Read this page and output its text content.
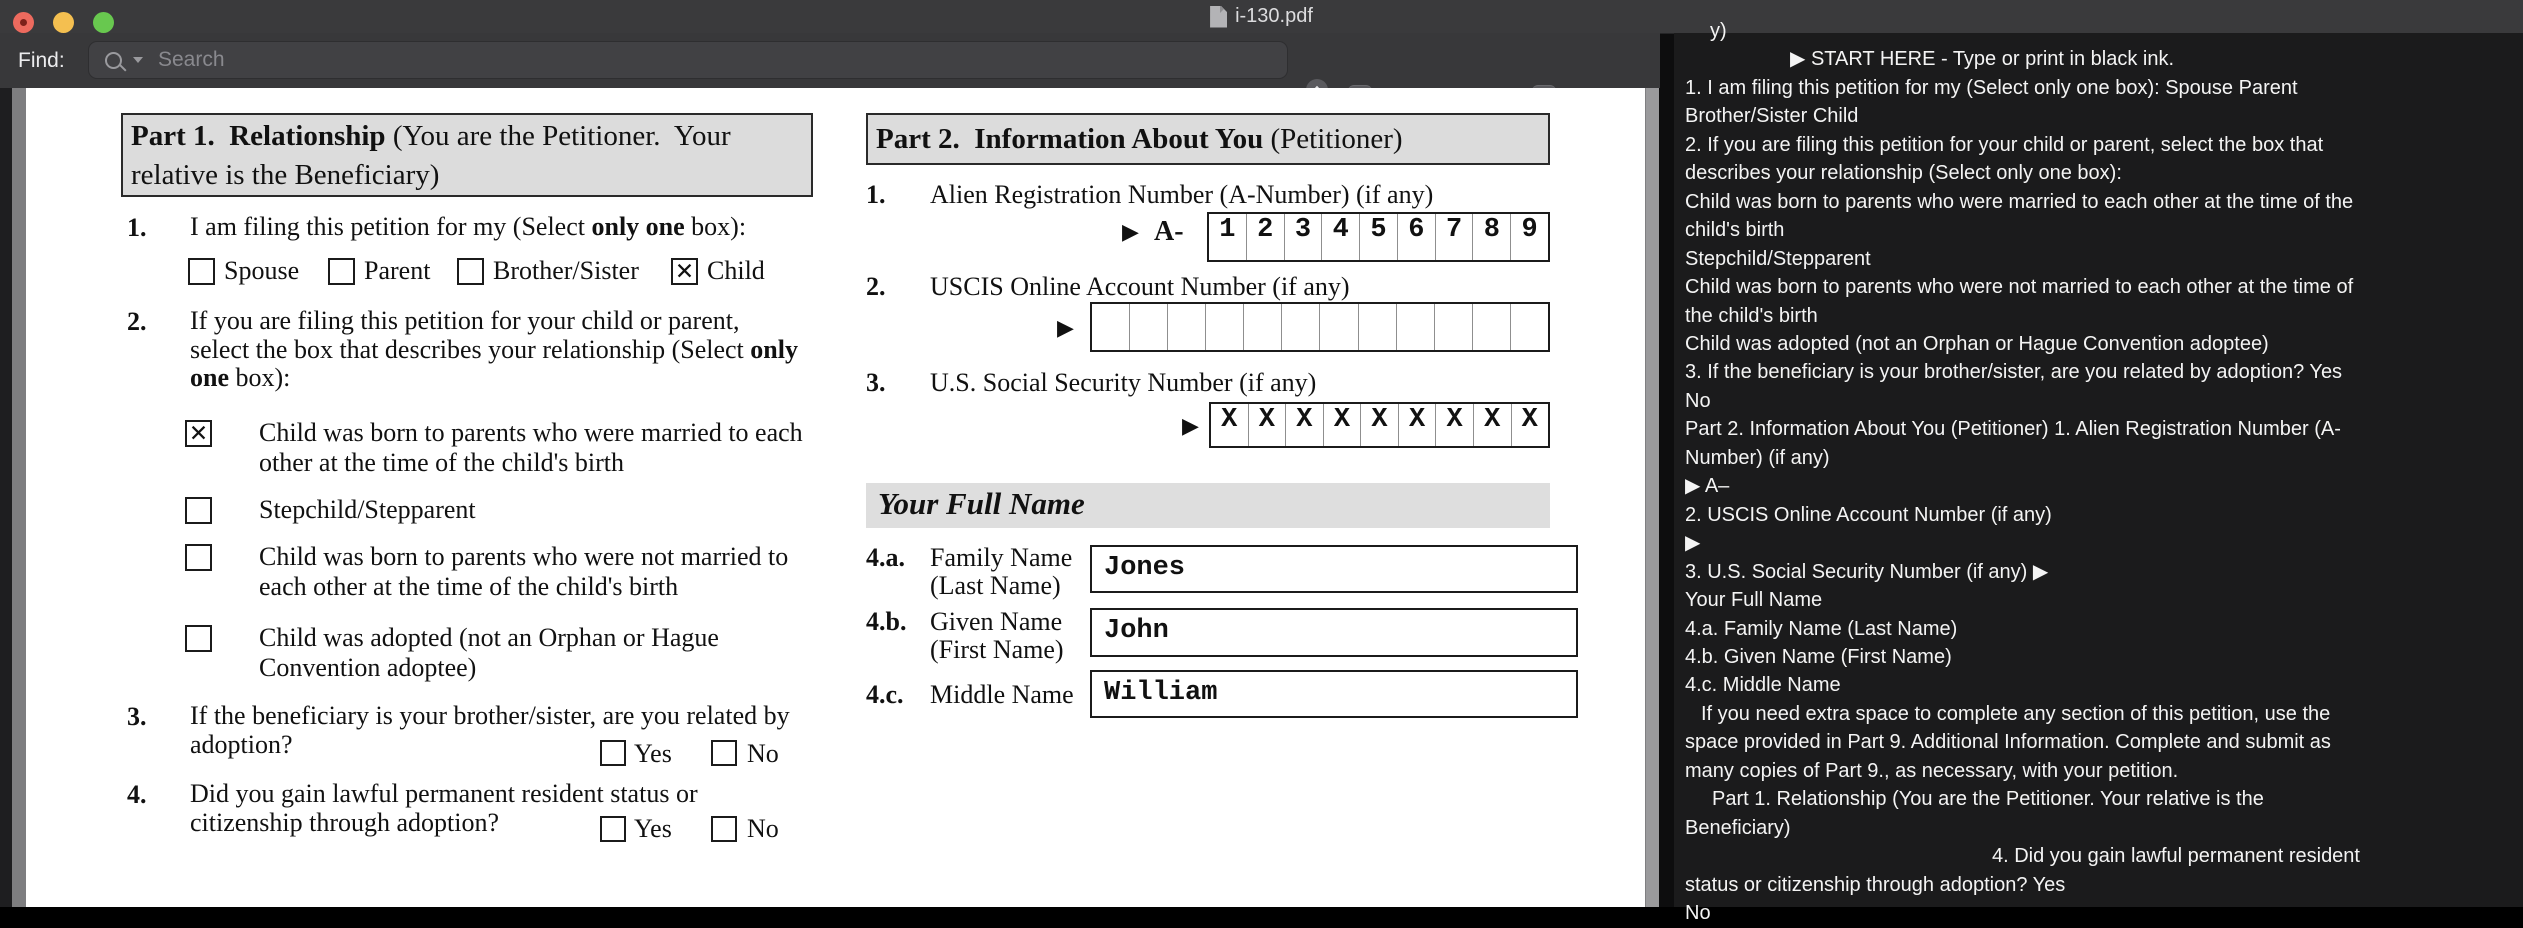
i-130.pdf
Find:
Search
Part 1.  Relationship (You are the Petitioner.  Your
relative is the Beneficiary)
1. I am filing this petition for my (Select only one box):
Spouse Parent Brother/Sister ✕	Child
2. If you are filing this petition for your child or parent,
select the box that describes your relationship (Select only
one box):
✕
Child was born to parents who were married to each
other at the time of the child's birth
Stepchild/Stepparent
Child was born to parents who were not married to
each other at the time of the child's birth
Child was adopted (not an Orphan or Hague
Convention adoptee)
3. If the beneficiary is your brother/sister, are you related by
adoption?	Yes	No
4. Did you gain lawful permanent resident status or
citizenship through adoption?	Yes	No
Part 2.  Information About You (Petitioner)
1. Alien Registration Number (A-Number) (if any)
▶ A-	1 2 3 4 5 6 7 8 9
2. USCIS Online Account Number (if any)
▶
3. U.S. Social Security Number (if any)
▶ X X X X X X X X X
Your Full Name
4.a. Family Name
(Last Name)
Jones
4.b. Given Name
(First Name)
John
4.c. Middle Name	William
y)
▶ START HERE - Type or print in black ink.
1. I am filing this petition for my (Select only one box): Spouse Parent
Brother/Sister Child
2. If you are filing this petition for your child or parent, select the box that
describes your relationship (Select only one box):
Child was born to parents who were married to each other at the time of the
child's birth
Stepchild/Stepparent
Child was born to parents who were not married to each other at the time of
the child's birth
Child was adopted (not an Orphan or Hague Convention adoptee)
3. If the beneficiary is your brother/sister, are you related by adoption? Yes
No
Part 2. Information About You (Petitioner) 1. Alien Registration Number (A-
Number) (if any)
▶ A–
2. USCIS Online Account Number (if any)
▶
3. U.S. Social Security Number (if any) ▶
Your Full Name
4.a. Family Name (Last Name)
4.b. Given Name (First Name)
4.c. Middle Name
If you need extra space to complete any section of this petition, use the
space provided in Part 9. Additional Information. Complete and submit as
many copies of Part 9., as necessary, with your petition.
Part 1. Relationship (You are the Petitioner. Your relative is the
Beneficiary)
4. Did you gain lawful permanent resident
status or citizenship through adoption? Yes
No
